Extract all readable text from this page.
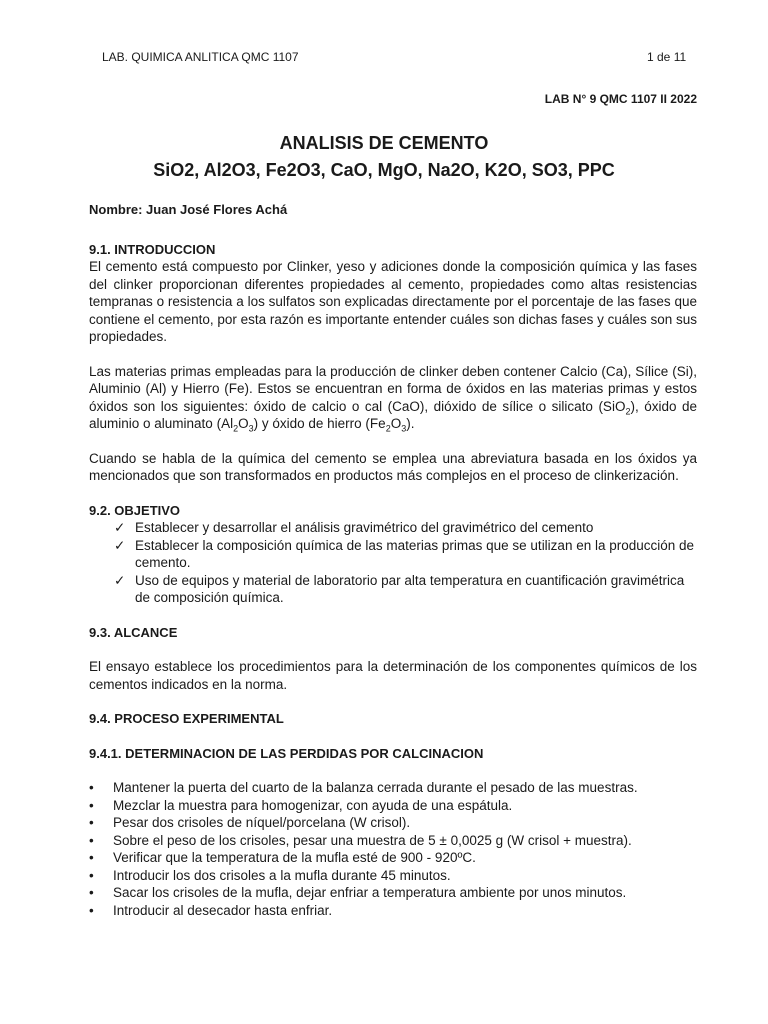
LAB. QUIMICA ANLITICA QMC 1107	1 de 11
LAB N° 9 QMC 1107 II 2022
ANALISIS DE CEMENTO
SiO2, Al2O3, Fe2O3, CaO, MgO, Na2O, K2O, SO3, PPC
Nombre: Juan José Flores Achá
9.1. INTRODUCCION

El cemento está compuesto por Clinker, yeso y adiciones donde la composición química y las fases del clinker proporcionan diferentes propiedades al cemento, propiedades como altas resistencias tempranas o resistencia a los sulfatos son explicadas directamente por el porcentaje de las fases que contiene el cemento, por esta razón es importante entender cuáles son dichas fases y cuáles son sus propiedades.

Las materias primas empleadas para la producción de clinker deben contener Calcio (Ca), Sílice (Si), Aluminio (Al) y Hierro (Fe). Estos se encuentran en forma de óxidos en las materias primas y estos óxidos son los siguientes: óxido de calcio o cal (CaO), dióxido de sílice o silicato (SiO$_2$), óxido de aluminio o aluminato $(Al_2O_3)$ y óxido de hierro $(Fe_2O_3)$.

Cuando se habla de la química del cemento se emplea una abreviatura basada en los óxidos ya mencionados que son transformados en productos más complejos en el proceso de clinkerización.

9.2. OBJETIVO
✓ Establecer y desarrollar el análisis gravimétrico del gravimétrico del cemento
✓ Establecer la composición química de las materias primas que se utilizan en la producción de cemento.
✓ Uso de equipos y material de laboratorio par alta temperatura en cuantificación gravimétrica de composición química.
9.3. ALCANCE

El ensayo establece los procedimientos para la determinación de los componentes químicos de los cementos indicados en la norma.

9.4. PROCESO EXPERIMENTAL
9.4.1. DETERMINACION DE LAS PERDIDAS POR CALCINACION
• Mantener la puerta del cuarto de la balanza cerrada durante el pesado de las muestras.
• Mezclar la muestra para homogenizar, con ayuda de una espátula.
• Pesar dos crisoles de níquel/porcelana (W crisol).
• Sobre el peso de los crisoles, pesar una muestra de 5 ± 0,0025 g (W crisol + muestra).
• Verificar que la temperatura de la mufla esté de 900 - 920ºC.
• Introducir los dos crisoles a la mufla durante 45 minutos.
• Sacar los crisoles de la mufla, dejar enfriar a temperatura ambiente por unos minutos.
• Introducir al desecador hasta enfriar.
